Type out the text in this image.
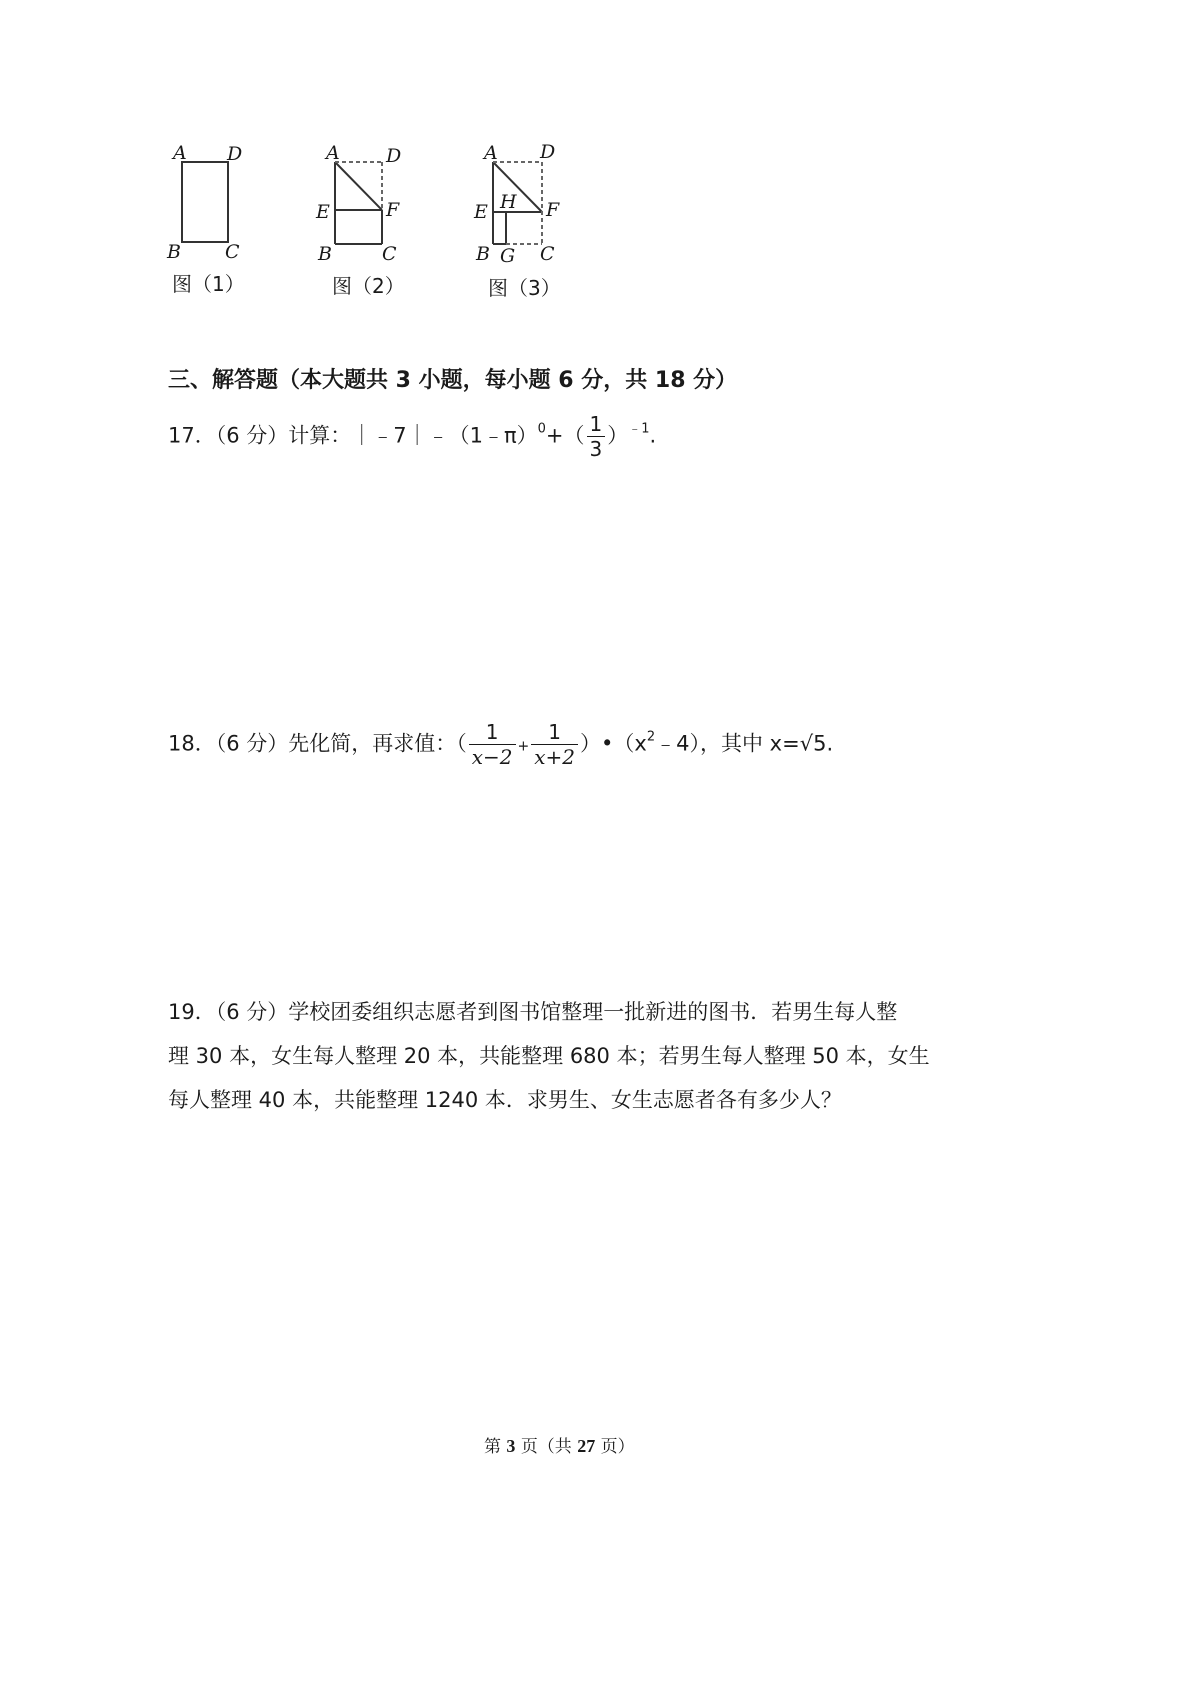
A D
B C
图（1）
A D
E	F
B	C
图（2）
A D
E H F
B G C
图（3）
三、解答题（本大题共 3 小题，每小题 6 分，共 18 分）
17．（6 分）计算：｜﹣7｜﹣（1﹣π）$^0$+（ $\frac{1}{3} )^{﹣1}$.
18．（6 分）先化简，再求值：（ $\frac{1}{x-2} + \frac{1}{x+2}$ ）$•(x^2﹣4)$，其中 x=√5.
19．（6 分）学校团委组织志愿者到图书馆整理一批新进的图书．若男生每人整
理 30 本，女生每人整理 20 本，共能整理 680 本；若男生每人整理 50 本，女生
每人整理 40 本，共能整理 1240 本．求男生、女生志愿者各有多少人？
第 3 页（共 27 页）
